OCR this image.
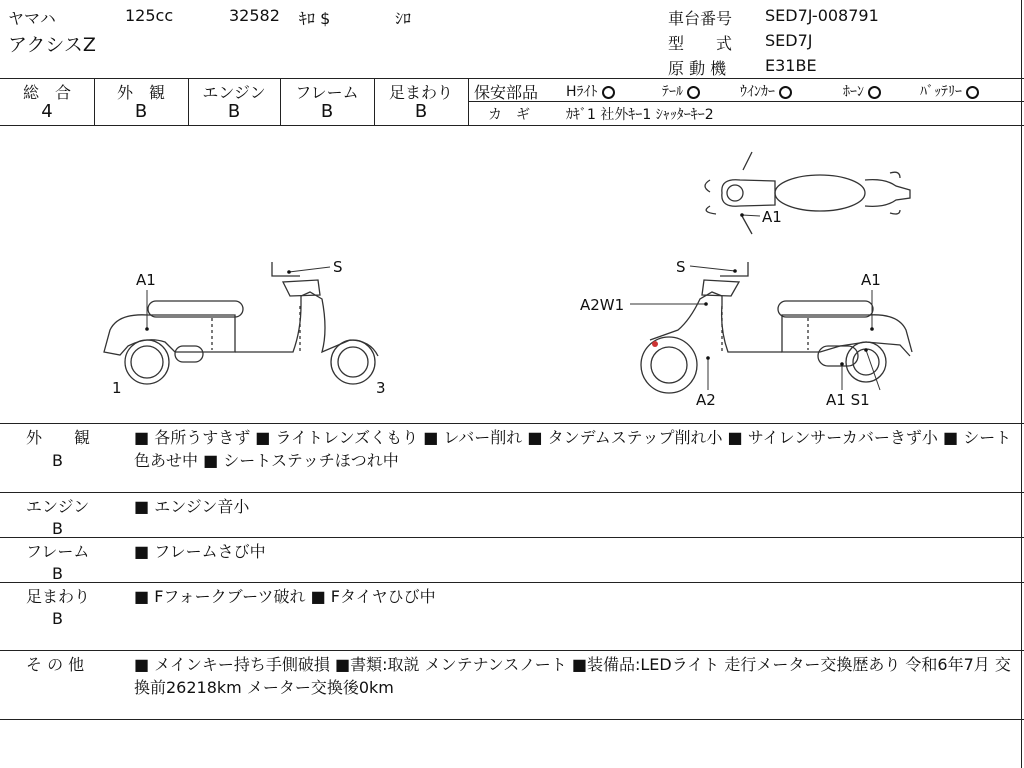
ヤマハ	125cc	32582 ｷﾛ $	ｼﾛ
アクシスZ
車台番号 SED7J-008791
型　　式 SED7J
原 動 機 E31BE
総　合
4
外　観
B
エンジン
B
フレーム
B
足まわり
B
保安部品 Hﾗｲﾄ	ﾃｰﾙ	ｳｲﾝｶｰ	ﾎｰﾝ	ﾊﾞｯﾃﾘｰ
カ　ギ	ｶｷﾞ1 社外ｷｰ1 ｼｬｯﾀｰｷｰ2
A1
S
A1
1	3
S
A2W1
A1
A2	A1 S1
外　　観
B
■ 各所うすきず ■ ライトレンズくもり ■ レバー削れ ■ タンデムステップ削れ小 ■ サイレンサーカバーきず小 ■ シート色あせ中 ■ シートステッチほつれ中
エンジン
B
■ エンジン音小
フレーム
B
■ フレームさび中
足まわり
B
■ Fフォークブーツ破れ ■ Fタイヤひび中
そ の 他	■ メインキー持ち手側破損 ■書類:取説 メンテナンスノート ■装備品:LEDライト 走行メーター交換歴あり 令和6年7月 交換前26218km メーター交換後0km
